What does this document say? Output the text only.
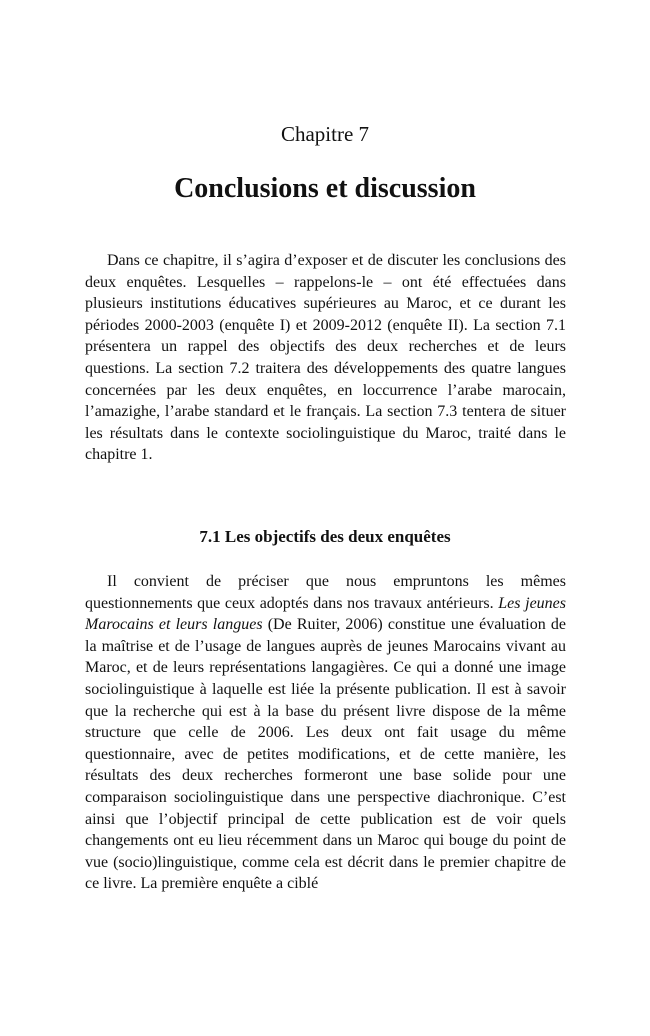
Chapitre 7
Conclusions et discussion

Dans ce chapitre, il s’agira d’exposer et de discuter les conclusions des deux enquêtes. Lesquelles – rappelons-le – ont été effectuées dans plusieurs institutions éducatives supérieures au Maroc, et ce durant les périodes 2000-2003 (enquête I) et 2009-2012 (enquête II). La section 7.1 présentera un rappel des objectifs des deux recherches et de leurs questions. La section 7.2 traitera des développements des quatre langues concernées par les deux enquêtes, en loccurrence l’arabe marocain, l’amazighe, l’arabe standard et le français. La section 7.3 tentera de situer les résultats dans le contexte sociolinguistique du Maroc, traité dans le chapitre 1.

7.1 Les objectifs des deux enquêtes

Il convient de préciser que nous empruntons les mêmes questionnements que ceux adoptés dans nos travaux antérieurs. Les jeunes Marocains et leurs langues (De Ruiter, 2006) constitue une évaluation de la maîtrise et de l’usage de langues auprès de jeunes Marocains vivant au Maroc, et de leurs représentations langagières. Ce qui a donné une image sociolinguistique à laquelle est liée la présente publication. Il est à savoir que la recherche qui est à la base du présent livre dispose de la même structure que celle de 2006. Les deux ont fait usage du même questionnaire, avec de petites modifications, et de cette manière, les résultats des deux recherches formeront une base solide pour une comparaison sociolinguistique dans une perspective diachronique. C’est ainsi que l’objectif principal de cette publication est de voir quels changements ont eu lieu récemment dans un Maroc qui bouge du point de vue (socio)linguistique, comme cela est décrit dans le premier chapitre de ce livre. La première enquête a ciblé
